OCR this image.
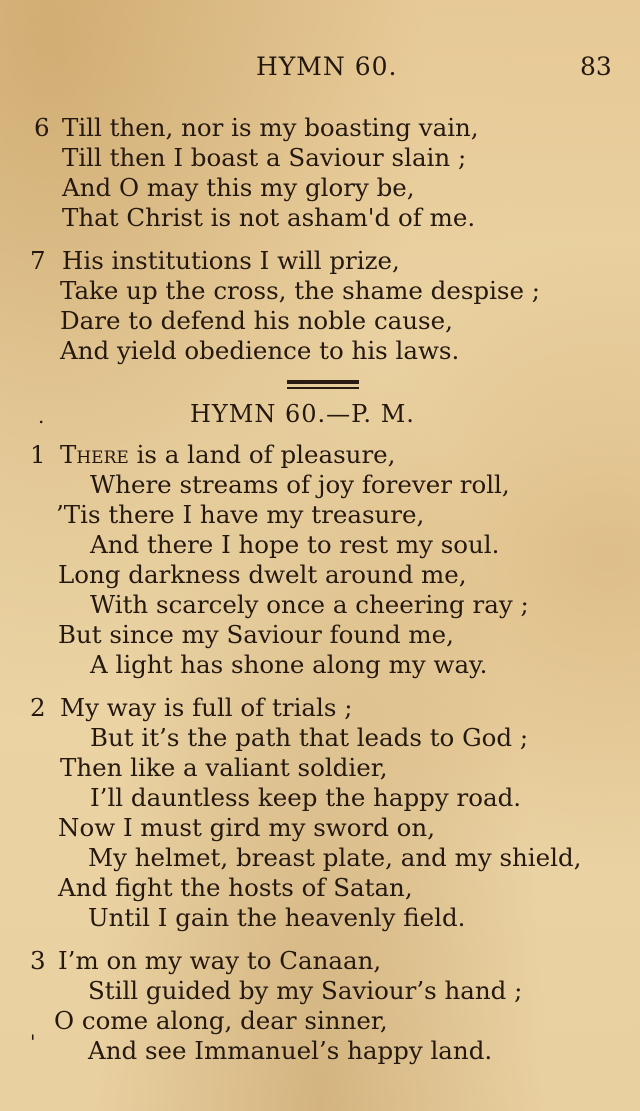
HYMN 60.	83
6 Till then, nor is my boasting vain,
Till then I boast a Saviour slain ;
And O may this my glory be,
That Christ is not asham'd of me.
7 His institutions I will prize,
Take up the cross, the shame despise ;
Dare to defend his noble cause,
And yield obedience to his laws.
.	HYMN 60.—P. M.
1 There is a land of pleasure,
Where streams of joy forever roll,
’Tis there I have my treasure,
And there I hope to rest my soul.
Long darkness dwelt around me,
With scarcely once a cheering ray ;
But since my Saviour found me,
A light has shone along my way.
2 My way is full of trials ;
But it’s the path that leads to God ;
Then like a valiant soldier,
I’ll dauntless keep the happy road.
Now I must gird my sword on,
My helmet, breast plate, and my shield,
And fight the hosts of Satan,
Until I gain the heavenly field.
3 I’m on my way to Canaan,
Still guided by my Saviour’s hand ;
O come along, dear sinner,
And see Immanuel’s happy land.
'
